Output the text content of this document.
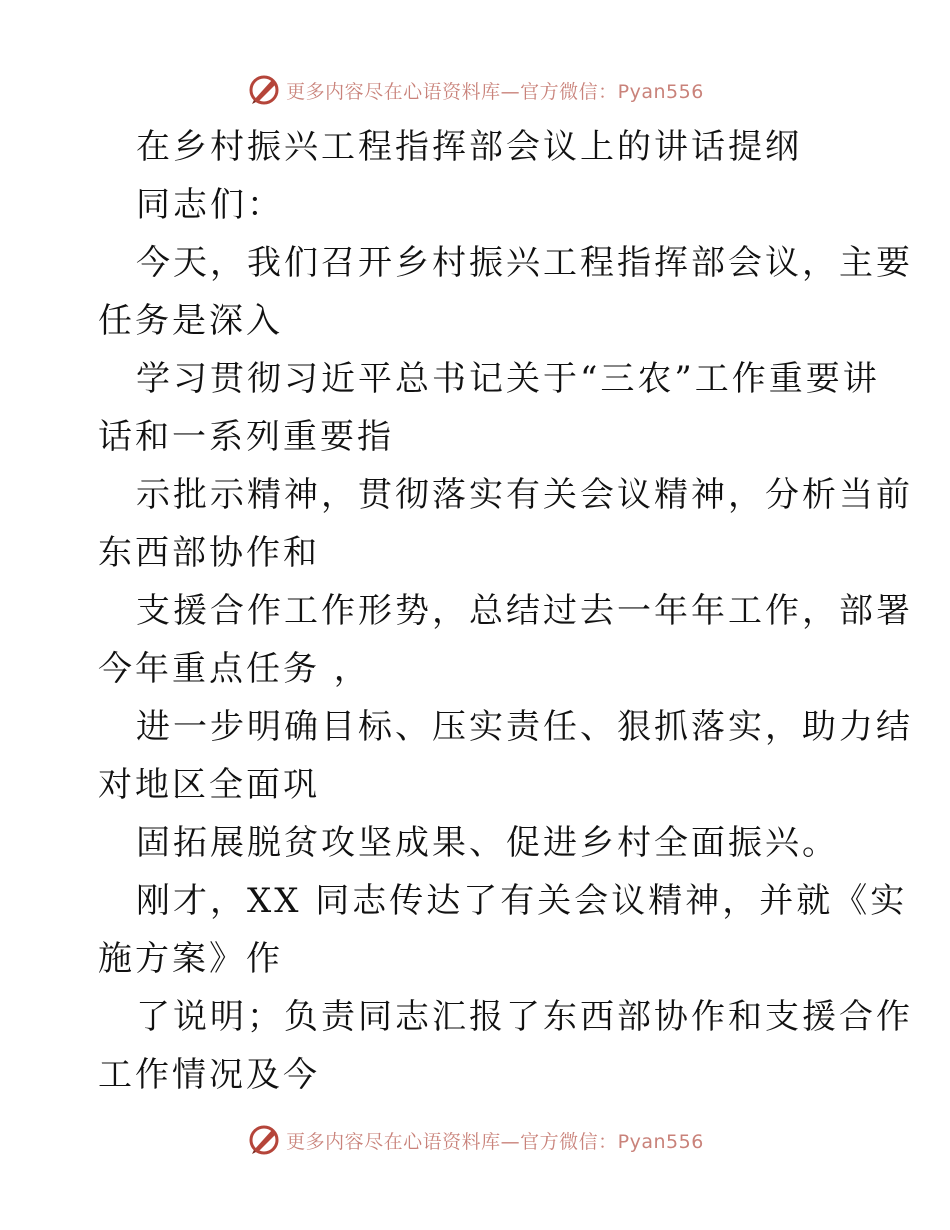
更多内容尽在心语资料库—官方微信：Pyan556
在乡村振兴工程指挥部会议上的讲话提纲
同志们：
今天，我们召开乡村振兴工程指挥部会议，主要
任务是深入
学习贯彻习近平总书记关于“三农”工作重要讲
话和一系列重要指
示批示精神，贯彻落实有关会议精神，分析当前
东西部协作和
支援合作工作形势，总结过去一年年工作，部署
今年重点任务 ，
进一步明确目标、压实责任、狠抓落实，助力结
对地区全面巩
固拓展脱贫攻坚成果、促进乡村全面振兴。
刚才，XX 同志传达了有关会议精神，并就《实
施方案》作
了说明；负责同志汇报了东西部协作和支援合作
工作情况及今
更多内容尽在心语资料库—官方微信：Pyan556
